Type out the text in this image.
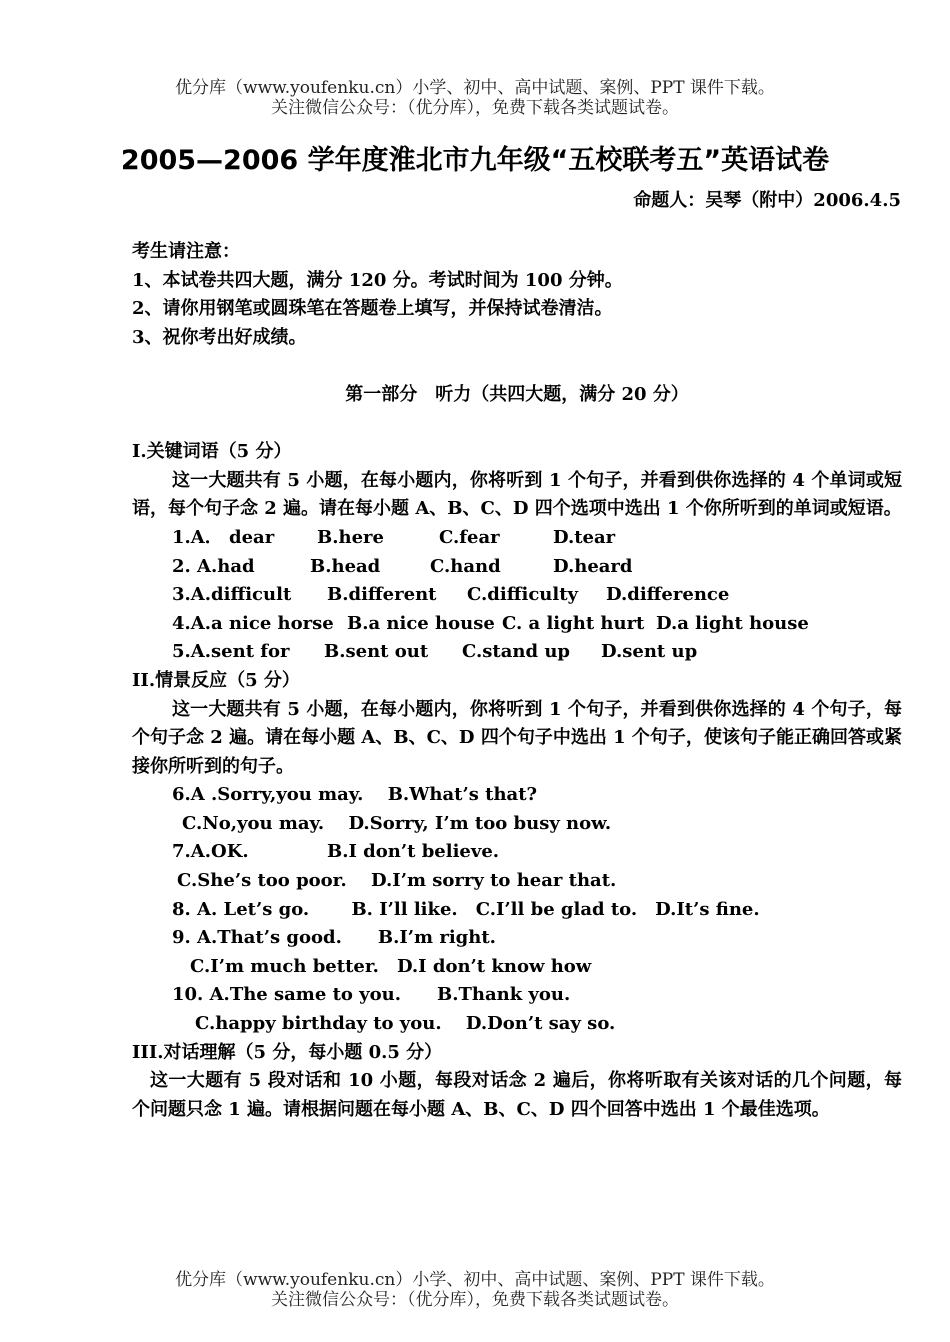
优分库（www.youfenku.cn）小学、初中、高中试题、案例、PPT 课件下载。
关注微信公众号：（优分库），免费下载各类试题试卷。
2005—2006 学年度淮北市九年级“五校联考五”英语试卷
命题人：吴琴（附中）2006.4.5
考生请注意：
1、本试卷共四大题，满分 120 分。考试时间为 100 分钟。
2、请你用钢笔或圆珠笔在答题卷上填写，并保持试卷清洁。
3、祝你考出好成绩。
第一部分　听力（共四大题，满分 20 分）
I.关键词语（5 分）
这一大题共有 5 小题，在每小题内，你将听到 1 个句子，并看到供你选择的 4 个单词或短语，每个句子念 2 遍。请在每小题 A、B、C、D 四个选项中选出 1 个你所听到的单词或短语。
1.A． dear B.here	C.fear	D.tear
2. A.had	B.head	C.hand	D.heard
3.A.difficult B.different C.difficulty D.difference
4.A.a nice horse B.a nice house C. a light hurt D.a light house
5.A.sent for B.sent out C.stand up D.sent up
II.情景反应（5 分）
这一大题共有 5 小题，在每小题内，你将听到 1 个句子，并看到供你选择的 4 个句子，每个句子念 2 遍。请在每小题 A、B、C、D 四个句子中选出 1 个句子，使该句子能正确回答或紧接你所听到的句子。
6.A .Sorry,you may.　 B.What’s that?
C.No,you may.　 D.Sorry, I’m too busy now.
7.A.OK.	B.I don’t believe.
C.She’s too poor.　 D.I’m sorry to hear that.
8. A. Let’s go.　　 B. I’ll like.　C.I’ll be glad to.　D.It’s fine.
9. A.That’s good.　　B.I’m right.
C.I’m much better.　D.I don’t know how
10. A.The same to you.　　B.Thank you.
C.happy birthday to you.　 D.Don’t say so.
III.对话理解（5 分，每小题 0.5 分）
这一大题有 5 段对话和 10 小题，每段对话念 2 遍后，你将听取有关该对话的几个问题，每个问题只念 1 遍。请根据问题在每小题 A、B、C、D 四个回答中选出 1 个最佳选项。
优分库（www.youfenku.cn）小学、初中、高中试题、案例、PPT 课件下载。
关注微信公众号：（优分库），免费下载各类试题试卷。
